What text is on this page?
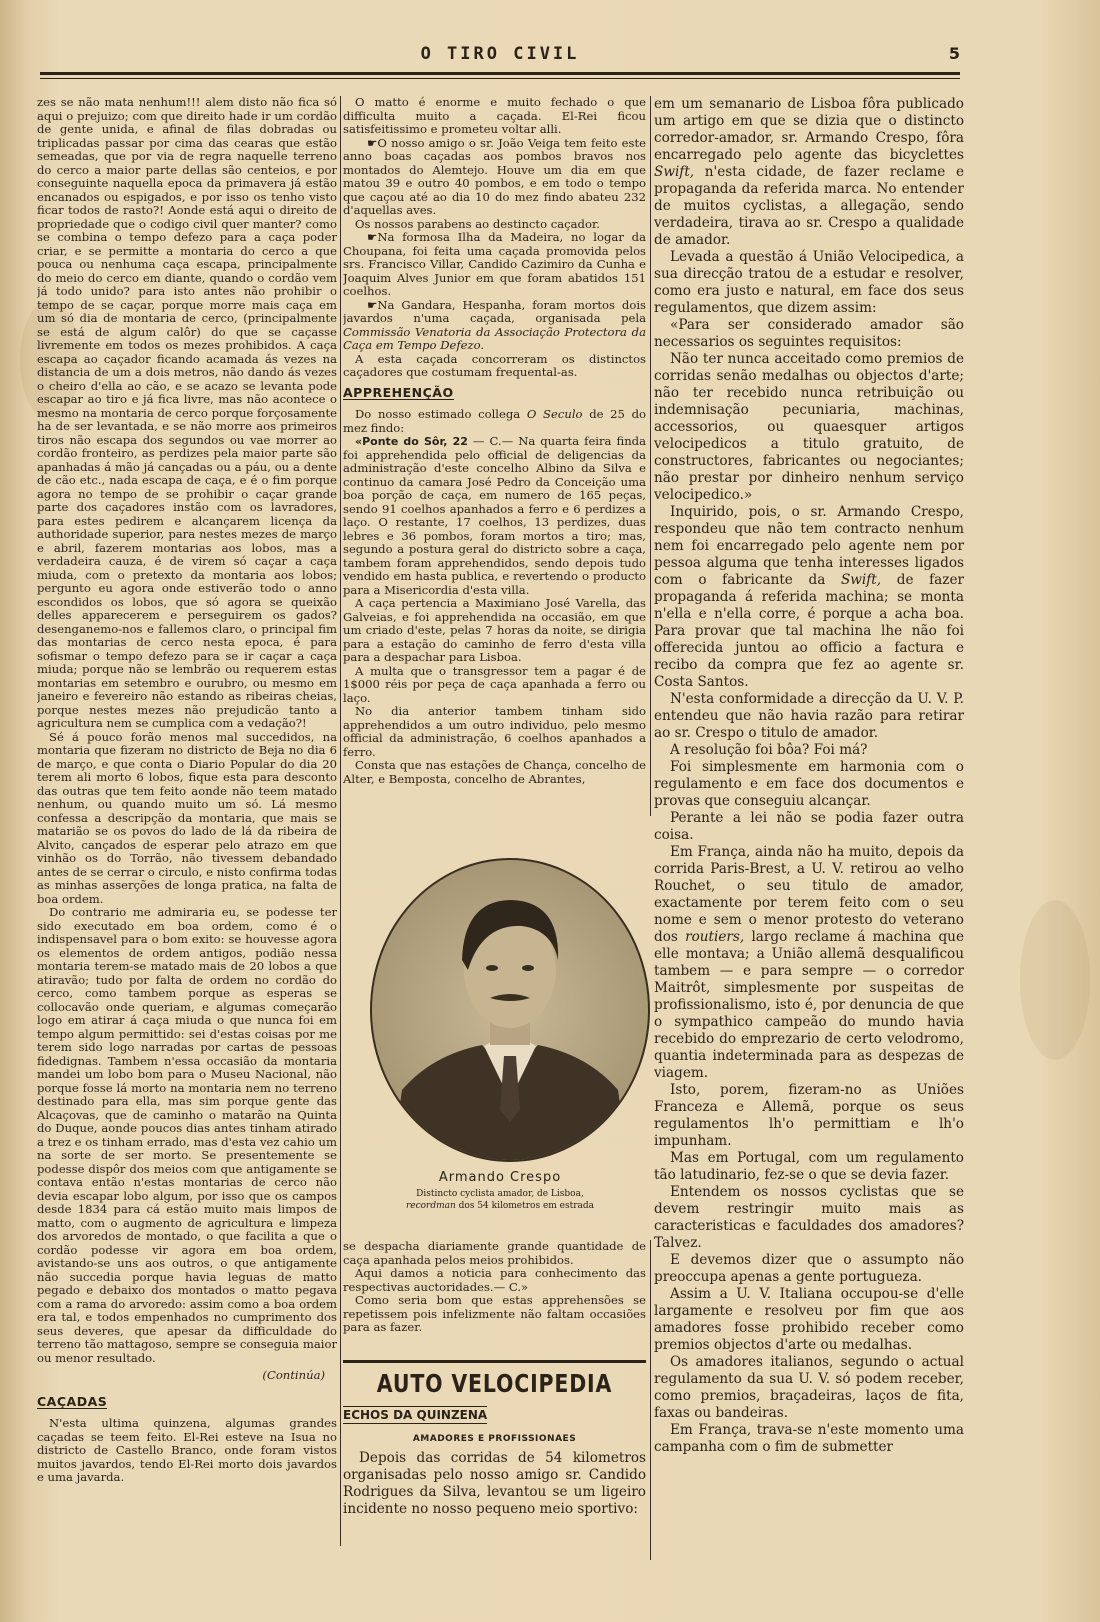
O TIRO CIVIL	5

zes se não mata nenhum!!! alem disto não fica só aqui o prejuizo; com que direito hade ir um cordão de gente unida, e afinal de filas dobradas ou triplicadas passar por cima das cearas que estão semeadas, que por via de regra naquelle terreno do cerco a maior parte dellas são centeios, e por conseguinte naquella epoca da primavera já estão encanados ou espigados, e por isso os tenho visto ficar todos de rasto?! Aonde está aqui o direito de propriedade que o codigo civil quer manter? como se combina o tempo defezo para a caça poder criar, e se permitte a montaria do cerco a que pouca ou nenhuma caça escapa, principalmente do meio do cerco em diante, quando o cordão vem já todo unido? para isto antes não prohibir o tempo de se caçar, porque morre mais caça em um só dia de montaria de cerco, (principalmente se está de algum calôr) do que se caçasse livremente em todos os mezes prohibidos. A caça escapa ao caçador ficando acamada ás vezes na distancia de um a dois metros, não dando ás vezes o cheiro d'ella ao cão, e se acazo se levanta pode escapar ao tiro e já fica livre, mas não acontece o mesmo na montaria de cerco porque forçosamente ha de ser levantada, e se não morre aos primeiros tiros não escapa dos segundos ou vae morrer ao cordão fronteiro, as perdizes pela maior parte são apanhadas á mão já cançadas ou a páu, ou a dente de cão etc., nada escapa de caça, e é o fim porque agora no tempo de se prohibir o caçar grande parte dos caçadores instão com os lavradores, para estes pedirem e alcançarem licença da authoridade superior, para nestes mezes de março e abril, fazerem montarias aos lobos, mas a verdadeira cauza, é de virem só caçar a caça miuda, com o pretexto da montaria aos lobos; pergunto eu agora onde estiverão todo o anno escondidos os lobos, que só agora se queixão delles apparecerem e perseguirem os gados? desenganemo-nos e fallemos claro, o principal fim das montarias de cerco nesta epoca, é para sofismar o tempo defezo para se ir caçar a caça miuda; porque não se lembrão ou requerem estas montarias em setembro e ourubro, ou mesmo em janeiro e fevereiro não estando as ribeiras cheias, porque nestes mezes não prejudicão tanto a agricultura nem se cumplica com a vedação?!

Sé á pouco forão menos mal succedidos, na montaria que fizeram no districto de Beja no dia 6 de março, e que conta o Diario Popular do dia 20 terem ali morto 6 lobos, fique esta para desconto das outras que tem feito aonde não teem matado nenhum, ou quando muito um só. Lá mesmo confessa a descripção da montaria, que mais se matarião se os povos do lado de lá da ribeira de Alvito, cançados de esperar pelo atrazo em que vinhão os do Torrão, não tivessem debandado antes de se cerrar o circulo, e nisto confirma todas as minhas asserções de longa pratica, na falta de boa ordem.

Do contrario me admiraria eu, se podesse ter sido executado em boa ordem, como é o indispensavel para o bom exito: se houvesse agora os elementos de ordem antigos, podião nessa montaria terem-se matado mais de 20 lobos a que atiravão; tudo por falta de ordem no cordão do cerco, como tambem porque as esperas se collocavão onde queriam, e algumas começarão logo em atirar á caça miuda o que nunca foi em tempo algum permittido: sei d'estas coisas por me terem sido logo narradas por cartas de pessoas fidedignas. Tambem n'essa occasião da montaria mandei um lobo bom para o Museu Nacional, não porque fosse lá morto na montaria nem no terreno destinado para ella, mas sim porque gente das Alcaçovas, que de caminho o matarão na Quinta do Duque, aonde poucos dias antes tinham atirado a trez e os tinham errado, mas d'esta vez cahio um na sorte de ser morto. Se presentemente se podesse dispôr dos meios com que antigamente se contava então n'estas montarias de cerco não devia escapar lobo algum, por isso que os campos desde 1834 para cá estão muito mais limpos de matto, com o augmento de agricultura e limpeza dos arvoredos de montado, o que facilita a que o cordão podesse vir agora em boa ordem, avistando-se uns aos outros, o que antigamente não succedia porque havia leguas de matto pegado e debaixo dos montados o matto pegava com a rama do arvoredo: assim como a boa ordem era tal, e todos empenhados no cumprimento dos seus deveres, que apesar da difficuldade do terreno tão mattagoso, sempre se conseguia maior ou menor resultado.

(Continúa)
CAÇADAS

N'esta ultima quinzena, algumas grandes caçadas se teem feito. El-Rei esteve na Isua no districto de Castello Branco, onde foram vistos muitos javardos, tendo El-Rei morto dois javardos e uma javarda.

O matto é enorme e muito fechado o que difficulta muito a caçada. El-Rei ficou satisfeitissimo e prometeu voltar alli.

☛O nosso amigo o sr. João Veiga tem feito este anno boas caçadas aos pombos bravos nos montados do Alemtejo. Houve um dia em que matou 39 e outro 40 pombos, e em todo o tempo que caçou até ao dia 10 do mez findo abateu 232 d'aquellas aves.

Os nossos parabens ao destincto caçador.

☛Na formosa Ilha da Madeira, no logar da Choupana, foi feita uma caçada promovida pelos srs. Francisco Villar, Candido Cazimiro da Cunha e Joaquim Alves Junior em que foram abatidos 151 coelhos.

☛Na Gandara, Hespanha, foram mortos dois javardos n'uma caçada, organisada pela Commissão Venatoria da Associação Protectora da Caça em Tempo Defezo.

A esta caçada concorreram os distinctos caçadores que costumam frequental-as.

APPREHENÇÃO

Do nosso estimado collega O Seculo de 25 do mez findo:

«Ponte do Sôr, 22 — C.— Na quarta feira finda foi apprehendida pelo official de deligencias da administração d'este concelho Albino da Silva e continuo da camara José Pedro da Conceição uma boa porção de caça, em numero de 165 peças, sendo 91 coelhos apanhados a ferro e 6 perdizes a laço. O restante, 17 coelhos, 13 perdizes, duas lebres e 36 pombos, foram mortos a tiro; mas, segundo a postura geral do districto sobre a caça, tambem foram apprehendidos, sendo depois tudo vendido em hasta publica, e revertendo o producto para a Misericordia d'esta villa.

A caça pertencia a Maximiano José Varella, das Galveias, e foi apprehendida na occasião, em que um criado d'este, pelas 7 horas da noite, se dirigia para a estação do caminho de ferro d'esta villa para a despachar para Lisboa.

A multa que o transgressor tem a pagar é de 1$000 réis por peça de caça apanhada a ferro ou laço.

No dia anterior tambem tinham sido apprehendidos a um outro individuo, pelo mesmo official da administração, 6 coelhos apanhados a ferro.

Consta que nas estações de Chança, concelho de Alter, e Bemposta, concelho de Abrantes,

Armando Crespo
Distincto cyclista amador, de Lisboa,
recordman dos 54 kilometros em estrada

se despacha diariamente grande quantidade de caça apanhada pelos meios prohibidos.

Aqui damos a noticia para conhecimento das respectivas auctoridades.— C.»

Como seria bom que estas apprehensões se repetissem pois infelizmente não faltam occasiões para as fazer.

AUTO VELOCIPEDIA
ECHOS DA QUINZENA
AMADORES E PROFISSIONAES

Depois das corridas de 54 kilometros organisadas pelo nosso amigo sr. Candido Rodrigues da Silva, levantou se um ligeiro incidente no nosso pequeno meio sportivo:

em um semanario de Lisboa fôra publicado um artigo em que se dizia que o distincto corredor-amador, sr. Armando Crespo, fôra encarregado pelo agente das bicyclettes Swift, n'esta cidade, de fazer reclame e propaganda da referida marca. No entender de muitos cyclistas, a allegação, sendo verdadeira, tirava ao sr. Crespo a qualidade de amador.

Levada a questão á União Velocipedica, a sua direcção tratou de a estudar e resolver, como era justo e natural, em face dos seus regulamentos, que dizem assim:

«Para ser considerado amador são necessarios os seguintes requisitos:

Não ter nunca acceitado como premios de corridas senão medalhas ou objectos d'arte; não ter recebido nunca retribuição ou indemnisação pecuniaria, machinas, accessorios, ou quaesquer artigos velocipedicos a titulo gratuito, de constructores, fabricantes ou negociantes; não prestar por dinheiro nenhum serviço velocipedico.»

Inquirido, pois, o sr. Armando Crespo, respondeu que não tem contracto nenhum nem foi encarregado pelo agente nem por pessoa alguma que tenha interesses ligados com o fabricante da Swift, de fazer propaganda á referida machina; se monta n'ella e n'ella corre, é porque a acha boa. Para provar que tal machina lhe não foi offerecida juntou ao officio a factura e recibo da compra que fez ao agente sr. Costa Santos.

N'esta conformidade a direcção da U. V. P. entendeu que não havia razão para retirar ao sr. Crespo o titulo de amador.

A resolução foi bôa? Foi má?

Foi simplesmente em harmonia com o regulamento e em face dos documentos e provas que conseguiu alcançar.

Perante a lei não se podia fazer outra coisa.

Em França, ainda não ha muito, depois da corrida Paris-Brest, a U. V. retirou ao velho Rouchet, o seu titulo de amador, exactamente por terem feito com o seu nome e sem o menor protesto do veterano dos routiers, largo reclame á machina que elle montava; a União allemã desqualificou tambem — e para sempre — o corredor Maitrôt, simplesmente por suspeitas de profissionalismo, isto é, por denuncia de que o sympathico campeão do mundo havia recebido do emprezario de certo velodromo, quantia indeterminada para as despezas de viagem.

Isto, porem, fizeram-no as Uniões Franceza e Allemã, porque os seus regulamentos lh'o permittiam e lh'o impunham.

Mas em Portugal, com um regulamento tão latudinario, fez-se o que se devia fazer.

Entendem os nossos cyclistas que se devem restringir muito mais as caracteristicas e faculdades dos amadores? Talvez.

E devemos dizer que o assumpto não preoccupa apenas a gente portugueza.

Assim a U. V. Italiana occupou-se d'elle largamente e resolveu por fim que aos amadores fosse prohibido receber como premios objectos d'arte ou medalhas.

Os amadores italianos, segundo o actual regulamento da sua U. V. só podem receber, como premios, braçadeiras, laços de fita, faxas ou bandeiras.

Em França, trava-se n'este momento uma campanha com o fim de submetter
